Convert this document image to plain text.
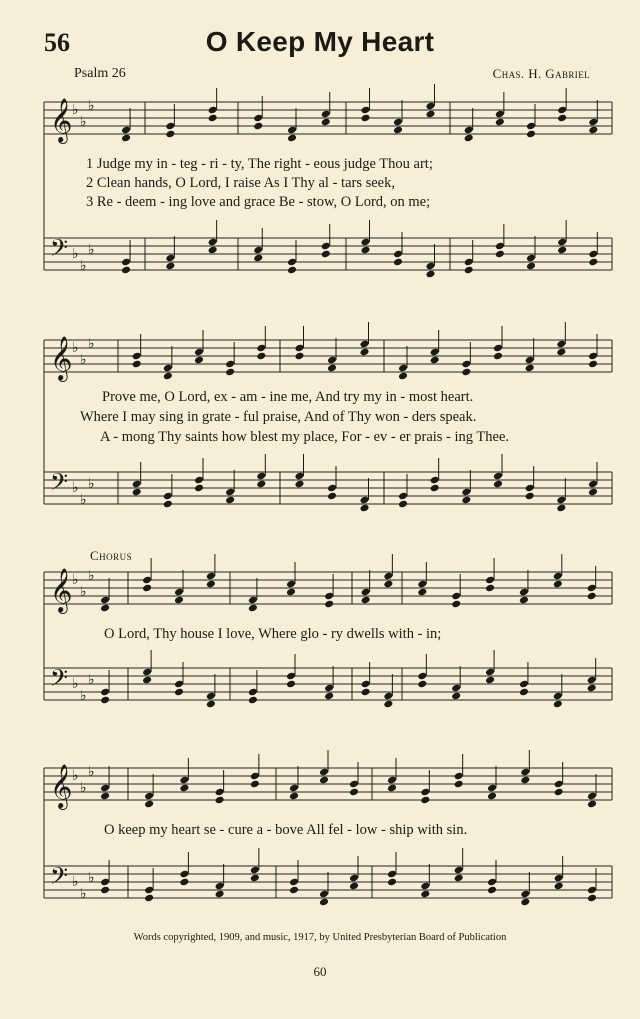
56	O Keep My Heart
Psalm 26	Chas. H. Gabriel
𝄞 ♭
♭
♭
𝄢 ♭
♭
♭
𝄞 ♭
♭
♭
𝄢 ♭
♭
♭
𝄞 ♭
♭
♭
𝄢 ♭
♭
♭
𝄞 ♭
♭
♭
𝄢 ♭
♭
♭
1 Judge my in - teg - ri - ty, The right - eous judge Thou art;
2 Clean hands, O Lord, I raise As I Thy al - tars seek,
3 Re - deem - ing love and grace Be - stow, O Lord, on me;
Prove me, O Lord, ex - am - ine me, And try my in - most heart.
Where I may sing in grate - ful praise, And of Thy won - ders speak.
A - mong Thy saints how blest my place, For - ev - er prais - ing Thee.
Chorus
O Lord, Thy house I love, Where glo - ry dwells with - in;
O keep my heart se - cure a - bove All fel - low - ship with sin.
Words copyrighted, 1909, and music, 1917, by United Presbyterian Board of Publication
60
